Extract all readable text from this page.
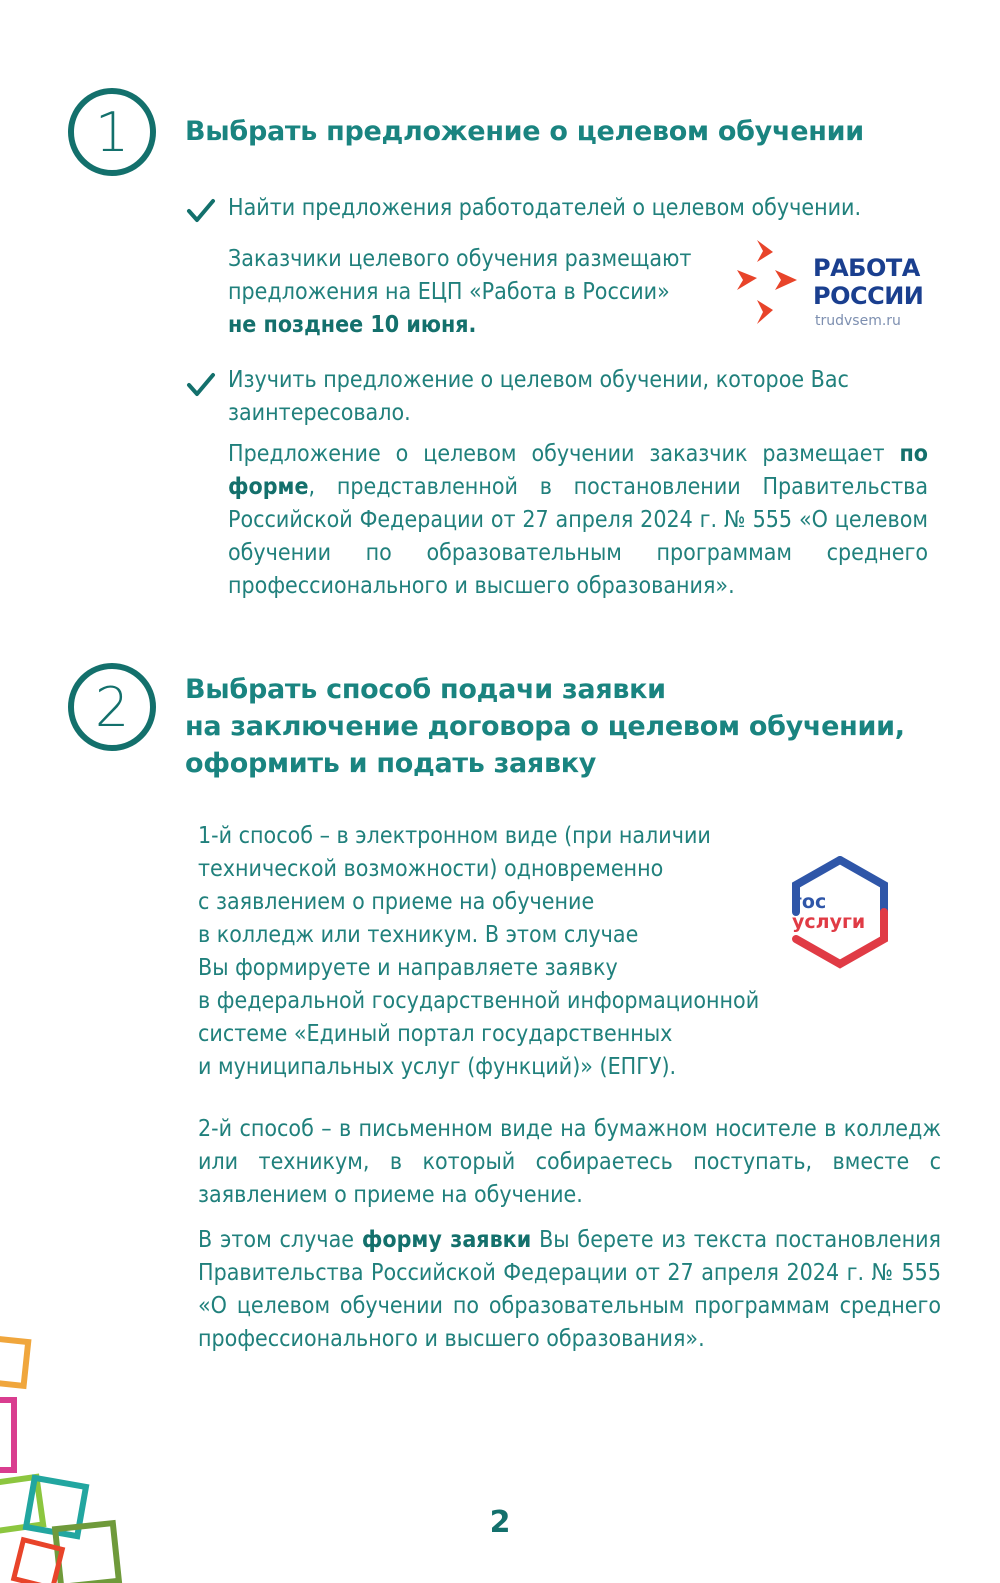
1 Выбрать предложение о целевом обучении
Найти предложения работодателей о целевом обучении.
Заказчики целевого обучения размещают
предложения на ЕЦП «Работа в России»
не позднее 10 июня.
РАБОТА
РОССИИ
trudvsem.ru
Изучить предложение о целевом обучении, которое Вас
заинтересовало.
Предложение о целевом обучении заказчик размещает по форме, представленной в постановлении Правительства Российской Федерации от 27 апреля 2024 г. № 555 «О целевом обучении по образовательным программам среднего профессионального и высшего образования».
2 Выбрать способ подачи заявки
на заключение договора о целевом обучении,
оформить и подать заявку
1-й способ – в электронном виде (при наличии
технической возможности) одновременно
с заявлением о приеме на обучение
в колледж или техникум. В этом случае
Вы формируете и направляете заявку
в федеральной государственной информационной
системе «Единый портал государственных
и муниципальных услуг (функций)» (ЕПГУ).
гос
услуги
2-й способ – в письменном виде на бумажном носителе в колледж или техникум, в который собираетесь поступать, вместе с заявлением о приеме на обучение.
В этом случае форму заявки Вы берете из текста постановления Правительства Российской Федерации от 27 апреля 2024 г. № 555 «О целевом обучении по образовательным программам среднего профессионального и высшего образования».
2
